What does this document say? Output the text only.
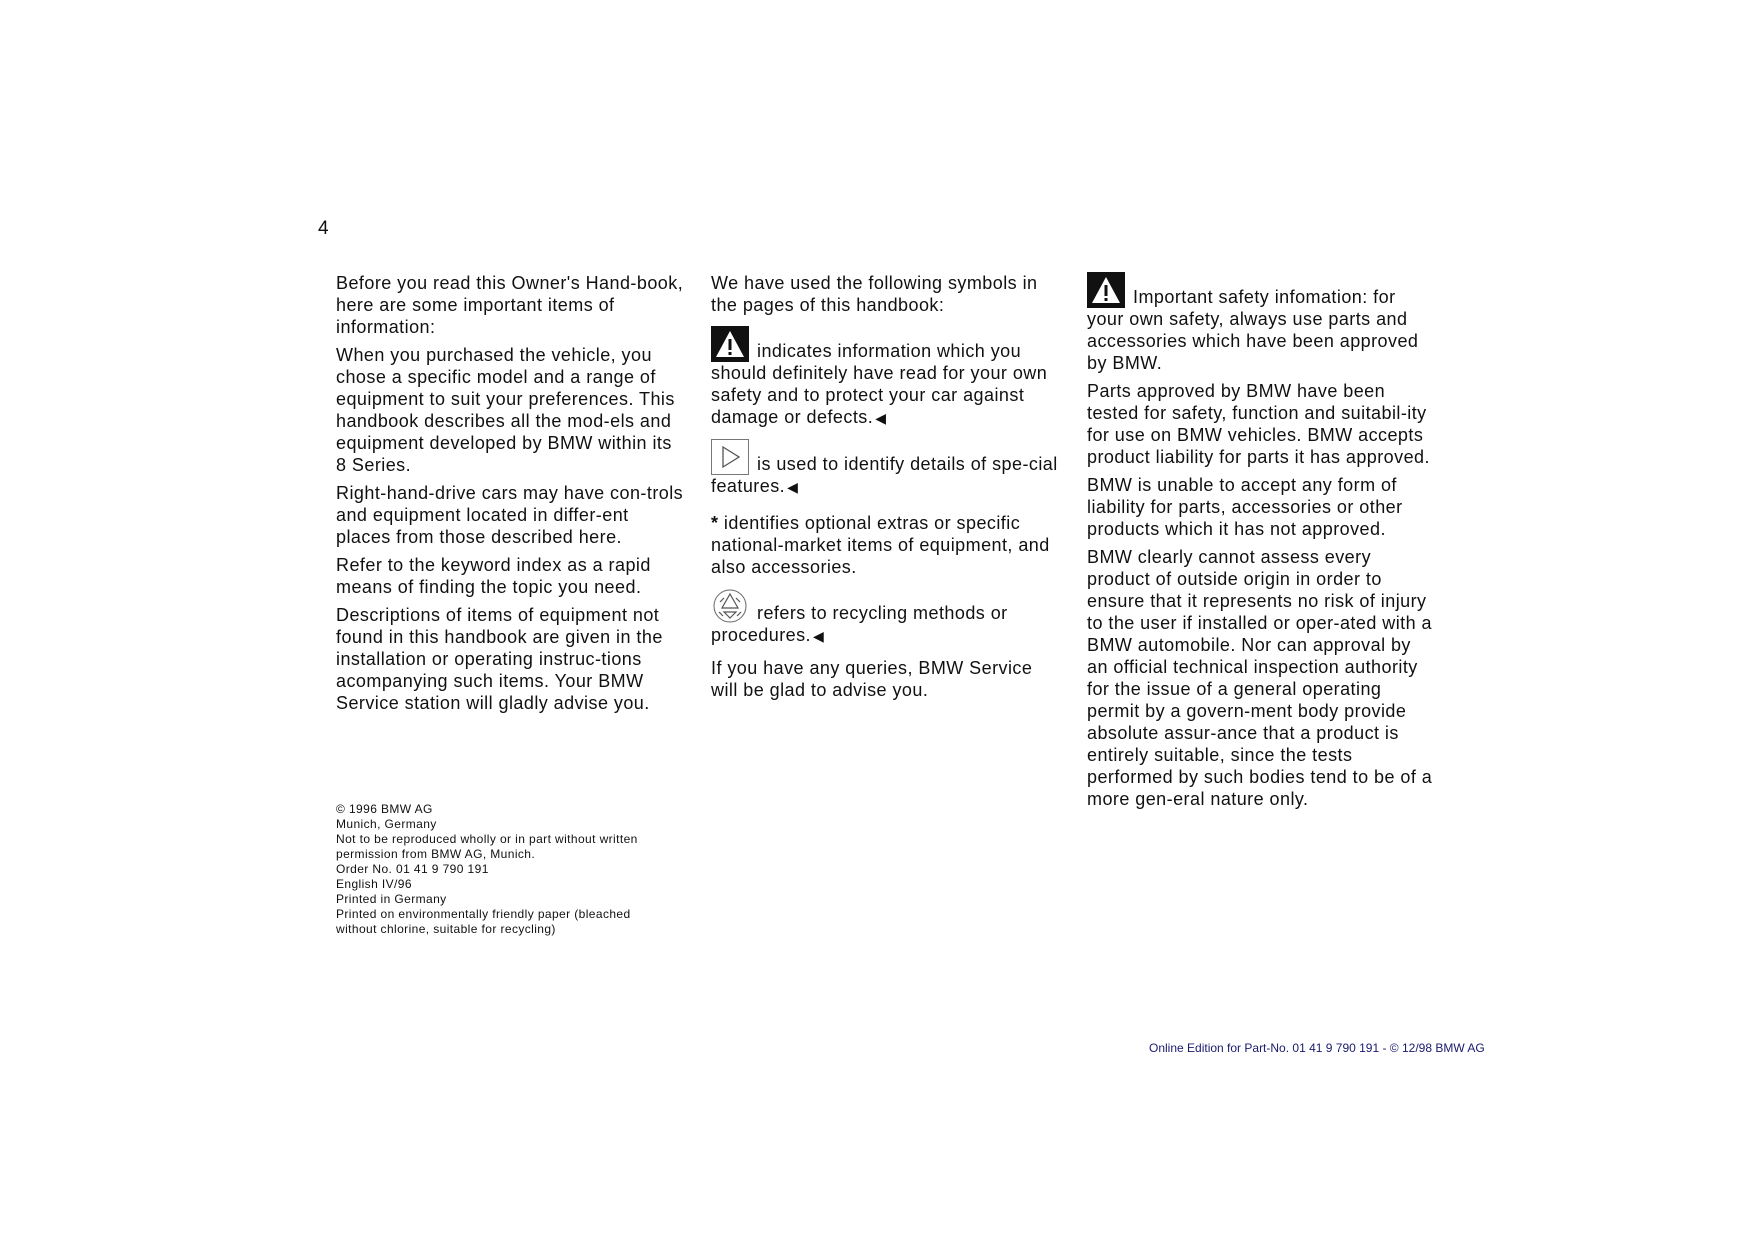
4

Before you read this Owner's Hand-book, here are some important items of information:

When you purchased the vehicle, you chose a specific model and a range of equipment to suit your preferences. This handbook describes all the mod-els and equipment developed by BMW within its 8 Series.

Right-hand-drive cars may have con-trols and equipment located in differ-ent places from those described here.

Refer to the keyword index as a rapid means of finding the topic you need.

Descriptions of items of equipment not found in this handbook are given in the installation or operating instruc-tions acompanying such items. Your BMW Service station will gladly advise you.

We have used the following symbols in the pages of this handbook:

indicates information which you should definitely have read for your own safety and to protect your car against damage or defects. ◀

is used to identify details of spe-cial features. ◀

* identifies optional extras or specific national-market items of equipment, and also accessories.

refers to recycling methods or procedures. ◀

If you have any queries, BMW Service will be glad to advise you.

Important safety infomation: for your own safety, always use parts and accessories which have been approved by BMW.

Parts approved by BMW have been tested for safety, function and suitabil-ity for use on BMW vehicles. BMW accepts product liability for parts it has approved.

BMW is unable to accept any form of liability for parts, accessories or other products which it has not approved.

BMW clearly cannot assess every product of outside origin in order to ensure that it represents no risk of injury to the user if installed or oper-ated with a BMW automobile. Nor can approval by an official technical inspection authority for the issue of a general operating permit by a govern-ment body provide absolute assur-ance that a product is entirely suitable, since the tests performed by such bodies tend to be of a more gen-eral nature only.

© 1996 BMW AG
Munich, Germany
Not to be reproduced wholly or in part without written
permission from BMW AG, Munich.
Order No. 01 41 9 790 191
English IV/96
Printed in Germany
Printed on environmentally friendly paper (bleached
without chlorine, suitable for recycling)
Online Edition for Part-No. 01 41 9 790 191 - © 12/98 BMW AG
